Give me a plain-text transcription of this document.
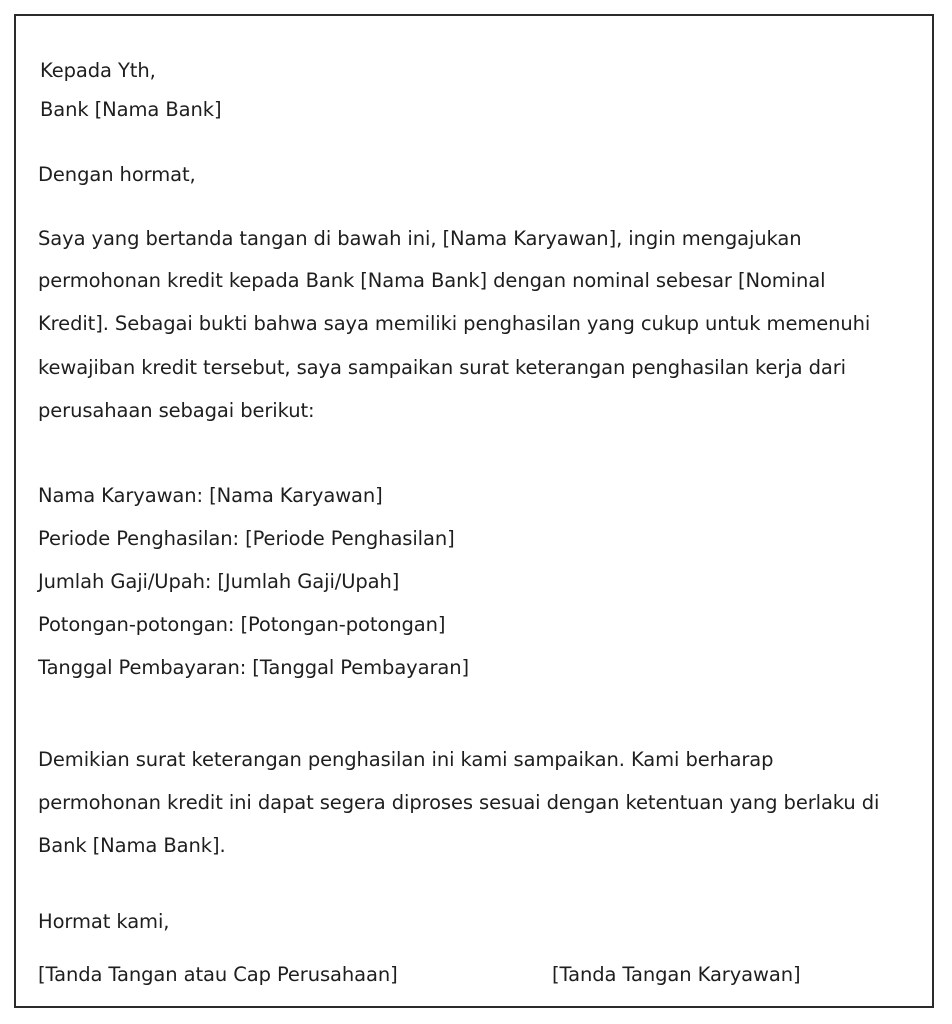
Kepada Yth,

Bank [Nama Bank]

Dengan hormat,

Saya yang bertanda tangan di bawah ini, [Nama Karyawan], ingin mengajukan

permohonan kredit kepada Bank [Nama Bank] dengan nominal sebesar [Nominal

Kredit]. Sebagai bukti bahwa saya memiliki penghasilan yang cukup untuk memenuhi

kewajiban kredit tersebut, saya sampaikan surat keterangan penghasilan kerja dari

perusahaan sebagai berikut:

Nama Karyawan: [Nama Karyawan]

Periode Penghasilan: [Periode Penghasilan]

Jumlah Gaji/Upah: [Jumlah Gaji/Upah]

Potongan-potongan: [Potongan-potongan]

Tanggal Pembayaran: [Tanggal Pembayaran]

Demikian surat keterangan penghasilan ini kami sampaikan. Kami berharap

permohonan kredit ini dapat segera diproses sesuai dengan ketentuan yang berlaku di

Bank [Nama Bank].

Hormat kami,

[Tanda Tangan atau Cap Perusahaan]	[Tanda Tangan Karyawan]
